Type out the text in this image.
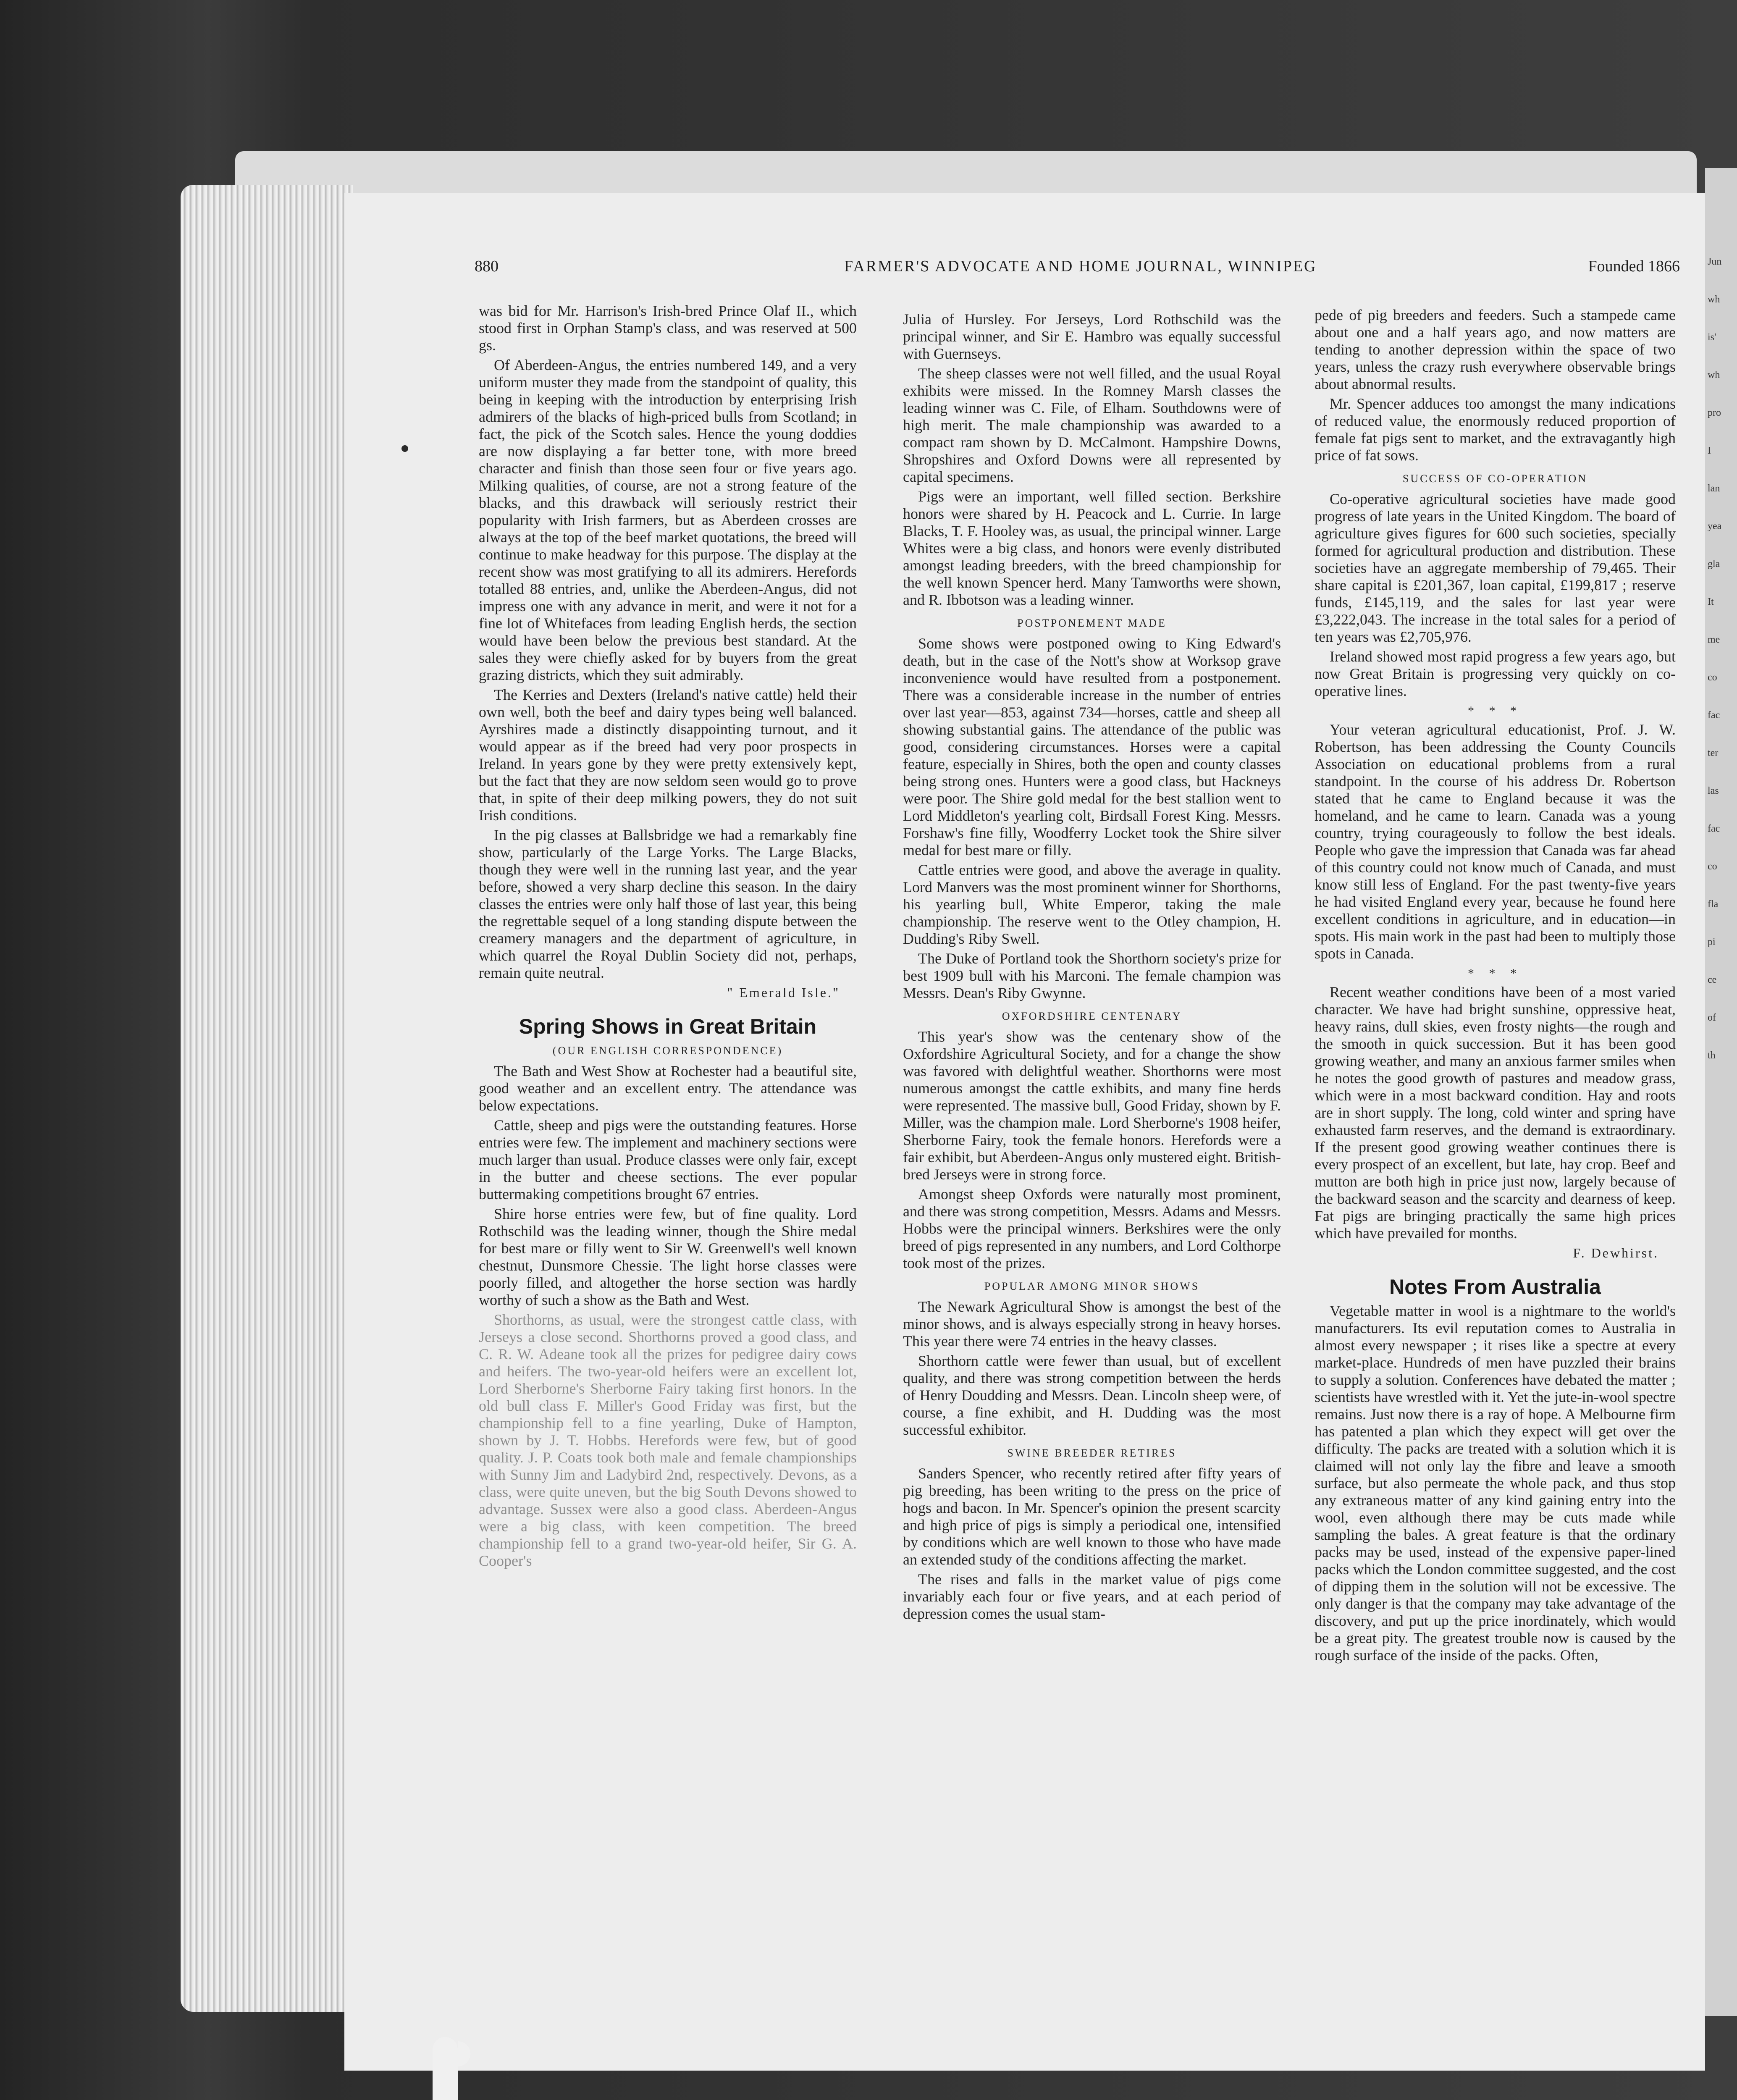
Jun
wh
is'
wh
pro
I
lan
yea
gla
It
me
co
fac
ter
las
fac
co
fla
pi
ce
of
th
880	FARMER'S ADVOCATE AND HOME JOURNAL, WINNIPEG	Founded 1866

was bid for Mr. Harrison's Irish-bred Prince Olaf II., which stood first in Orphan Stamp's class, and was reserved at 500 gs.

Of Aberdeen-Angus, the entries numbered 149, and a very uniform muster they made from the standpoint of quality, this being in keeping with the introduction by enterprising Irish admirers of the blacks of high-priced bulls from Scotland; in fact, the pick of the Scotch sales. Hence the young doddies are now displaying a far better tone, with more breed character and finish than those seen four or five years ago. Milking qualities, of course, are not a strong feature of the blacks, and this drawback will seriously restrict their popularity with Irish farmers, but as Aberdeen crosses are always at the top of the beef market quotations, the breed will continue to make headway for this purpose. The display at the recent show was most gratifying to all its admirers. Herefords totalled 88 entries, and, unlike the Aberdeen-Angus, did not impress one with any advance in merit, and were it not for a fine lot of Whitefaces from leading English herds, the section would have been below the previous best standard. At the sales they were chiefly asked for by buyers from the great grazing districts, which they suit admirably.

The Kerries and Dexters (Ireland's native cattle) held their own well, both the beef and dairy types being well balanced. Ayrshires made a distinctly disappointing turnout, and it would appear as if the breed had very poor prospects in Ireland. In years gone by they were pretty extensively kept, but the fact that they are now seldom seen would go to prove that, in spite of their deep milking powers, they do not suit Irish conditions.

In the pig classes at Ballsbridge we had a remarkably fine show, particularly of the Large Yorks. The Large Blacks, though they were well in the running last year, and the year before, showed a very sharp decline this season. In the dairy classes the entries were only half those of last year, this being the regrettable sequel of a long standing dispute between the creamery managers and the department of agriculture, in which quarrel the Royal Dublin Society did not, perhaps, remain quite neutral.

" Emerald Isle."
Spring Shows in Great Britain
(OUR ENGLISH CORRESPONDENCE)

The Bath and West Show at Rochester had a beautiful site, good weather and an excellent entry. The attendance was below expectations.

Cattle, sheep and pigs were the outstanding features. Horse entries were few. The implement and machinery sections were much larger than usual. Produce classes were only fair, except in the butter and cheese sections. The ever popular buttermaking competitions brought 67 entries.

Shire horse entries were few, but of fine quality. Lord Rothschild was the leading winner, though the Shire medal for best mare or filly went to Sir W. Greenwell's well known chestnut, Dunsmore Chessie. The light horse classes were poorly filled, and altogether the horse section was hardly worthy of such a show as the Bath and West.

Shorthorns, as usual, were the strongest cattle class, with Jerseys a close second. Shorthorns proved a good class, and C. R. W. Adeane took all the prizes for pedigree dairy cows and heifers. The two-year-old heifers were an excellent lot, Lord Sherborne's Sherborne Fairy taking first honors. In the old bull class F. Miller's Good Friday was first, but the championship fell to a fine yearling, Duke of Hampton, shown by J. T. Hobbs. Herefords were few, but of good quality. J. P. Coats took both male and female championships with Sunny Jim and Ladybird 2nd, respectively. Devons, as a class, were quite uneven, but the big South Devons showed to advantage. Sussex were also a good class. Aberdeen-Angus were a big class, with keen competition. The breed championship fell to a grand two-year-old heifer, Sir G. A. Cooper's

Julia of Hursley. For Jerseys, Lord Rothschild was the principal winner, and Sir E. Hambro was equally successful with Guernseys.

The sheep classes were not well filled, and the usual Royal exhibits were missed. In the Romney Marsh classes the leading winner was C. File, of Elham. Southdowns were of high merit. The male championship was awarded to a compact ram shown by D. McCalmont. Hampshire Downs, Shropshires and Oxford Downs were all represented by capital specimens.

Pigs were an important, well filled section. Berkshire honors were shared by H. Peacock and L. Currie. In large Blacks, T. F. Hooley was, as usual, the principal winner. Large Whites were a big class, and honors were evenly distributed amongst leading breeders, with the breed championship for the well known Spencer herd. Many Tamworths were shown, and R. Ibbotson was a leading winner.

POSTPONEMENT MADE

Some shows were postponed owing to King Edward's death, but in the case of the Nott's show at Worksop grave inconvenience would have resulted from a postponement. There was a considerable increase in the number of entries over last year—853, against 734—horses, cattle and sheep all showing substantial gains. The attendance of the public was good, considering circumstances. Horses were a capital feature, especially in Shires, both the open and county classes being strong ones. Hunters were a good class, but Hackneys were poor. The Shire gold medal for the best stallion went to Lord Middleton's yearling colt, Birdsall Forest King. Messrs. Forshaw's fine filly, Woodferry Locket took the Shire silver medal for best mare or filly.

Cattle entries were good, and above the average in quality. Lord Manvers was the most prominent winner for Shorthorns, his yearling bull, White Emperor, taking the male championship. The reserve went to the Otley champion, H. Dudding's Riby Swell.

The Duke of Portland took the Shorthorn society's prize for best 1909 bull with his Marconi. The female champion was Messrs. Dean's Riby Gwynne.

OXFORDSHIRE CENTENARY

This year's show was the centenary show of the Oxfordshire Agricultural Society, and for a change the show was favored with delightful weather. Shorthorns were most numerous amongst the cattle exhibits, and many fine herds were represented. The massive bull, Good Friday, shown by F. Miller, was the champion male. Lord Sherborne's 1908 heifer, Sherborne Fairy, took the female honors. Herefords were a fair exhibit, but Aberdeen-Angus only mustered eight. British-bred Jerseys were in strong force.

Amongst sheep Oxfords were naturally most prominent, and there was strong competition, Messrs. Adams and Messrs. Hobbs were the principal winners. Berkshires were the only breed of pigs represented in any numbers, and Lord Colthorpe took most of the prizes.

POPULAR AMONG MINOR SHOWS

The Newark Agricultural Show is amongst the best of the minor shows, and is always especially strong in heavy horses. This year there were 74 entries in the heavy classes.

Shorthorn cattle were fewer than usual, but of excellent quality, and there was strong competition between the herds of Henry Doudding and Messrs. Dean. Lincoln sheep were, of course, a fine exhibit, and H. Dudding was the most successful exhibitor.

SWINE BREEDER RETIRES

Sanders Spencer, who recently retired after fifty years of pig breeding, has been writing to the press on the price of hogs and bacon. In Mr. Spencer's opinion the present scarcity and high price of pigs is simply a periodical one, intensified by conditions which are well known to those who have made an extended study of the conditions affecting the market.

The rises and falls in the market value of pigs come invariably each four or five years, and at each period of depression comes the usual stam-

pede of pig breeders and feeders. Such a stampede came about one and a half years ago, and now matters are tending to another depression within the space of two years, unless the crazy rush everywhere observable brings about abnormal results.

Mr. Spencer adduces too amongst the many indications of reduced value, the enormously reduced proportion of female fat pigs sent to market, and the extravagantly high price of fat sows.

SUCCESS OF CO-OPERATION

Co-operative agricultural societies have made good progress of late years in the United Kingdom. The board of agriculture gives figures for 600 such societies, specially formed for agricultural production and distribution. These societies have an aggregate membership of 79,465. Their share capital is £201,367, loan capital, £199,817 ; reserve funds, £145,119, and the sales for last year were £3,222,043. The increase in the total sales for a period of ten years was £2,705,976.

Ireland showed most rapid progress a few years ago, but now Great Britain is progressing very quickly on co-operative lines.

* * *

Your veteran agricultural educationist, Prof. J. W. Robertson, has been addressing the County Councils Association on educational problems from a rural standpoint. In the course of his address Dr. Robertson stated that he came to England because it was the homeland, and he came to learn. Canada was a young country, trying courageously to follow the best ideals. People who gave the impression that Canada was far ahead of this country could not know much of Canada, and must know still less of England. For the past twenty-five years he had visited England every year, because he found here excellent conditions in agriculture, and in education—in spots. His main work in the past had been to multiply those spots in Canada.

* * *

Recent weather conditions have been of a most varied character. We have had bright sunshine, oppressive heat, heavy rains, dull skies, even frosty nights—the rough and the smooth in quick succession. But it has been good growing weather, and many an anxious farmer smiles when he notes the good growth of pastures and meadow grass, which were in a most backward condition. Hay and roots are in short supply. The long, cold winter and spring have exhausted farm reserves, and the demand is extraordinary. If the present good growing weather continues there is every prospect of an excellent, but late, hay crop. Beef and mutton are both high in price just now, largely because of the backward season and the scarcity and dearness of keep. Fat pigs are bringing practically the same high prices which have prevailed for months.

F. Dewhirst.
Notes From Australia

Vegetable matter in wool is a nightmare to the world's manufacturers. Its evil reputation comes to Australia in almost every newspaper ; it rises like a spectre at every market-place. Hundreds of men have puzzled their brains to supply a solution. Conferences have debated the matter ; scientists have wrestled with it. Yet the jute-in-wool spectre remains. Just now there is a ray of hope. A Melbourne firm has patented a plan which they expect will get over the difficulty. The packs are treated with a solution which it is claimed will not only lay the fibre and leave a smooth surface, but also permeate the whole pack, and thus stop any extraneous matter of any kind gaining entry into the wool, even although there may be cuts made while sampling the bales. A great feature is that the ordinary packs may be used, instead of the expensive paper-lined packs which the London committee suggested, and the cost of dipping them in the solution will not be excessive. The only danger is that the company may take advantage of the discovery, and put up the price inordinately, which would be a great pity. The greatest trouble now is caused by the rough surface of the inside of the packs. Often,
